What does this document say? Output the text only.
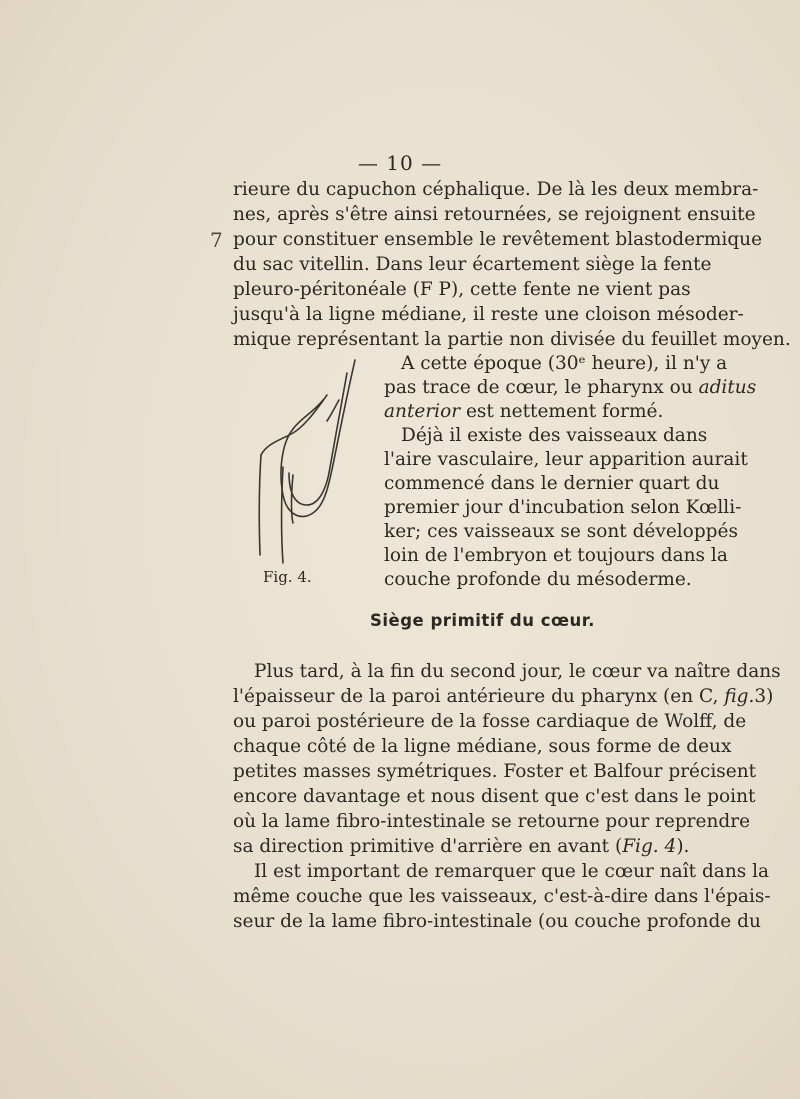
— 10 —
7
rieure du capuchon céphalique. De là les deux membra-
nes, après s'être ainsi retournées, se rejoignent ensuite
pour constituer ensemble le revêtement blastodermique
du sac vitellin. Dans leur écartement siège la fente
pleuro-péritonéale (F P), cette fente ne vient pas
jusqu'à la ligne médiane, il reste une cloison mésoder-
mique représentant la partie non divisée du feuillet moyen.
Fig. 4.
A cette époque (30ᵉ heure), il n'y a
pas trace de cœur, le pharynx ou aditus
anterior est nettement formé.
Déjà il existe des vaisseaux dans
l'aire vasculaire, leur apparition aurait
commencé dans le dernier quart du
premier jour d'incubation selon Kœlli-
ker; ces vaisseaux se sont développés
loin de l'embryon et toujours dans la
couche profonde du mésoderme.
Siège primitif du cœur.
Plus tard, à la fin du second jour, le cœur va naître dans
l'épaisseur de la paroi antérieure du pharynx (en C, fig.3)
ou paroi postérieure de la fosse cardiaque de Wolff, de
chaque côté de la ligne médiane, sous forme de deux
petites masses symétriques. Foster et Balfour précisent
encore davantage et nous disent que c'est dans le point
où la lame fibro-intestinale se retourne pour reprendre
sa direction primitive d'arrière en avant (Fig. 4).
Il est important de remarquer que le cœur naît dans la
même couche que les vaisseaux, c'est-à-dire dans l'épais-
seur de la lame fibro-intestinale (ou couche profonde du
